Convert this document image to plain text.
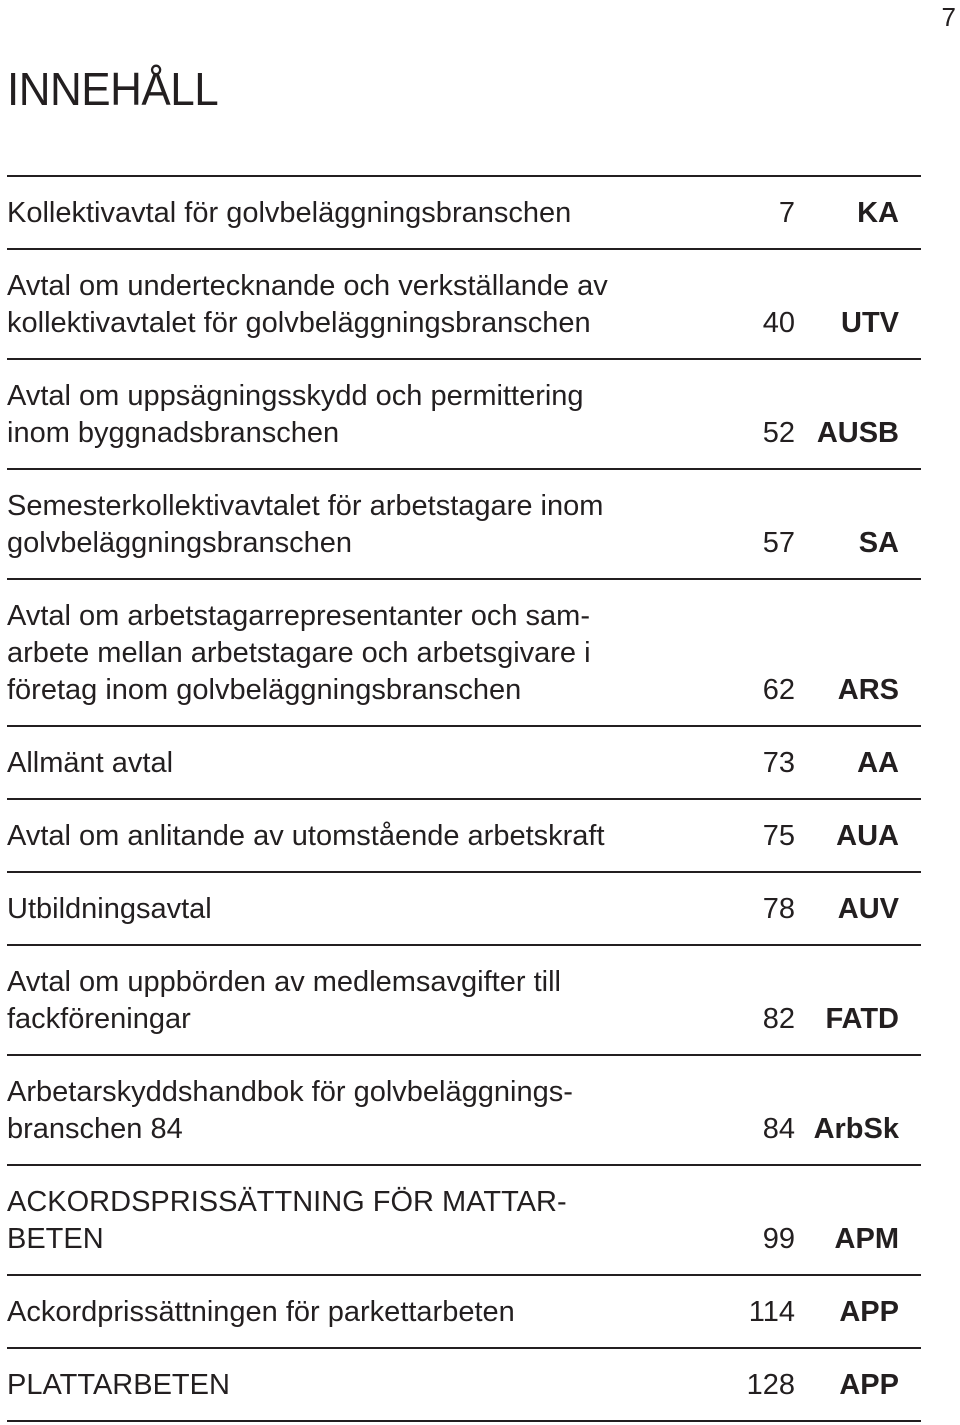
7
INNEHÅLL
Kollektivavtal för golvbeläggningsbranschen	7	KA
Avtal om undertecknande och verkställande av
kollektivavtalet för golvbeläggningsbranschen	40	UTV
Avtal om uppsägningsskydd och permittering
inom byggnadsbranschen	52 AUSB
Semesterkollektivavtalet för arbetstagare inom
golvbeläggningsbranschen	57	SA
Avtal om arbetstagarrepresentanter och sam-
arbete mellan arbetstagare och arbetsgivare i
företag inom golvbeläggningsbranschen	62	ARS
Allmänt avtal	73	AA
Avtal om anlitande av utomstående arbetskraft	75	AUA
Utbildningsavtal	78	AUV
Avtal om uppbörden av medlemsavgifter till
fackföreningar	82	FATD
Arbetarskyddshandbok för golvbeläggnings-
branschen 84	84 ArbSk
ACKORDSPRISSÄTTNING FÖR MATTAR-
BETEN	99	APM
Ackordprissättningen för parkettarbeten	114	APP
PLATTARBETEN	128	APP
